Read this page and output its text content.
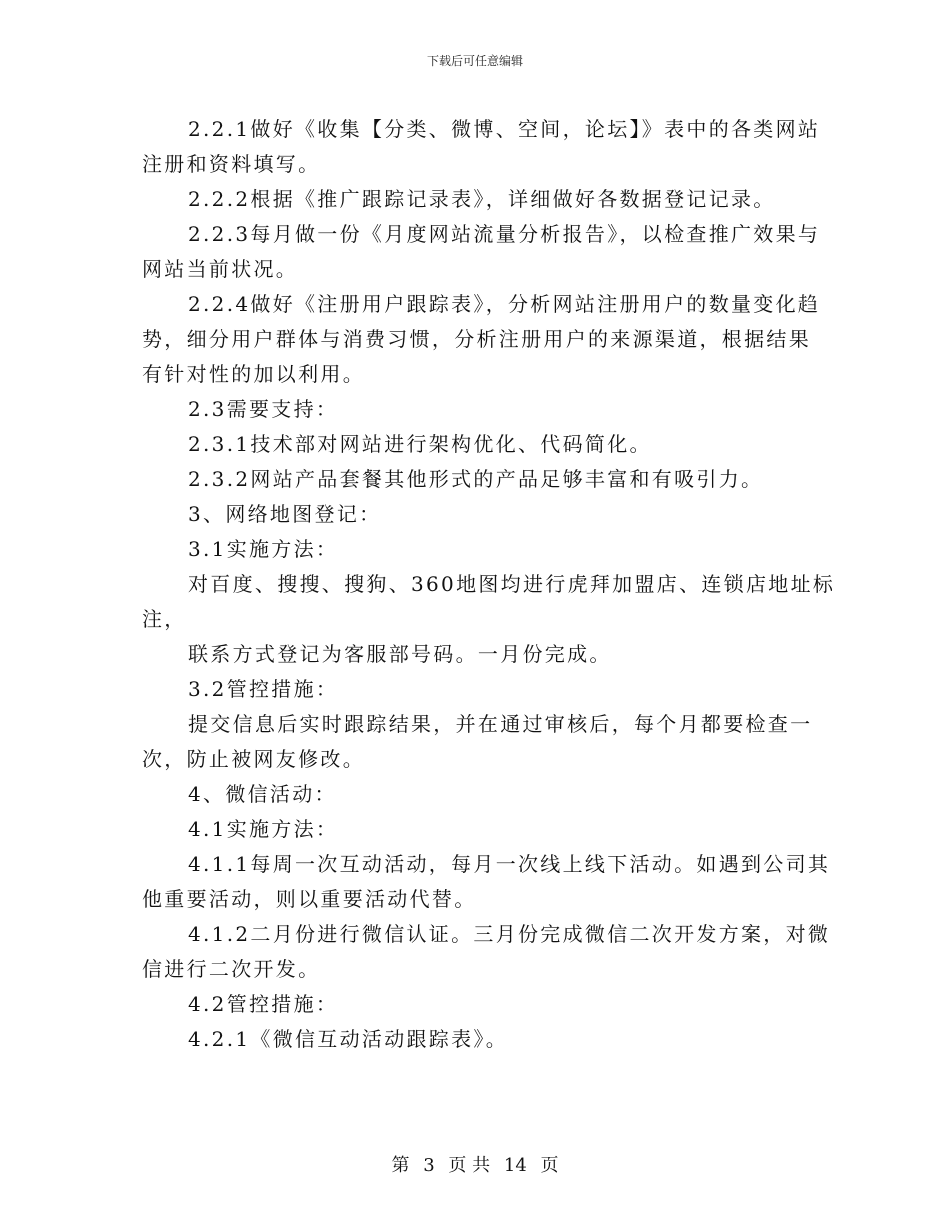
下载后可任意编辑

2.2.1做好《收集【分类、微博、空间，论坛】》表中的各类网站

注册和资料填写。

2.2.2根据《推广跟踪记录表》，详细做好各数据登记记录。

2.2.3每月做一份《月度网站流量分析报告》，以检查推广效果与

网站当前状况。

2.2.4做好《注册用户跟踪表》，分析网站注册用户的数量变化趋

势，细分用户群体与消费习惯，分析注册用户的来源渠道，根据结果

有针对性的加以利用。

2.3需要支持：

2.3.1技术部对网站进行架构优化、代码简化。

2.3.2网站产品套餐其他形式的产品足够丰富和有吸引力。

3、网络地图登记：

3.1实施方法：

对百度、搜搜、搜狗、360地图均进行虎拜加盟店、连锁店地址标

注，

联系方式登记为客服部号码。一月份完成。

3.2管控措施：

提交信息后实时跟踪结果，并在通过审核后，每个月都要检查一

次，防止被网友修改。

4、微信活动：

4.1实施方法：

4.1.1每周一次互动活动，每月一次线上线下活动。如遇到公司其

他重要活动，则以重要活动代替。

4.1.2二月份进行微信认证。三月份完成微信二次开发方案，对微

信进行二次开发。

4.2管控措施：

4.2.1《微信互动活动跟踪表》。

第 3 页 共 14 页
